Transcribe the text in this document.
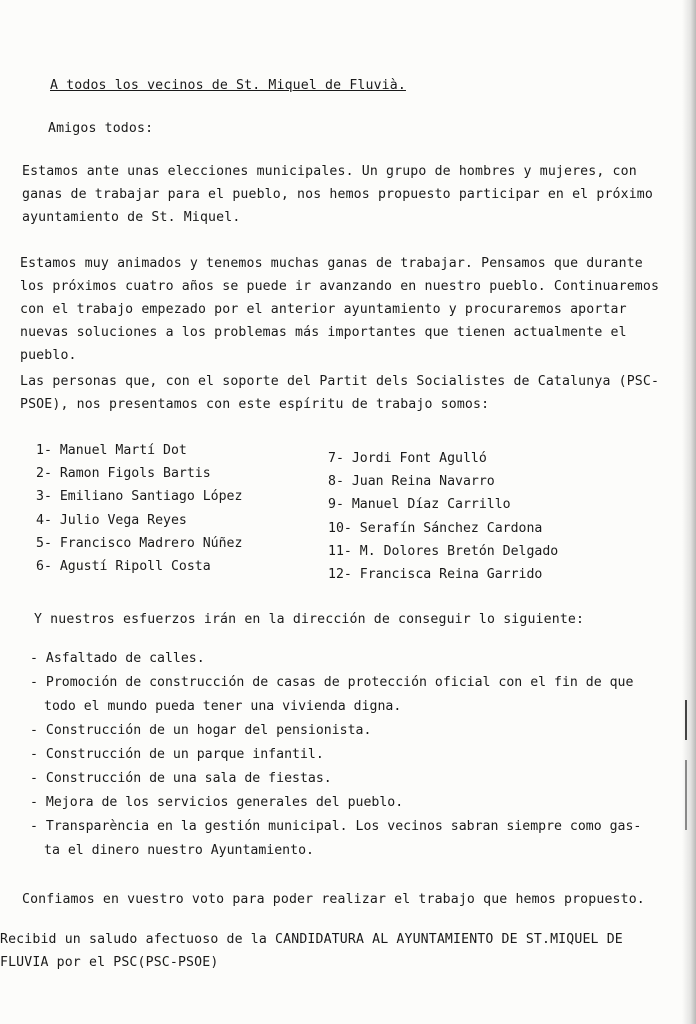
A todos los vecinos de St. Miquel de Fluvià.
Amigos todos:
Estamos ante unas elecciones municipales. Un grupo de hombres y mujeres, con ganas de trabajar para el pueblo, nos hemos propuesto participar en el próximo ayuntamiento de St. Miquel.
Estamos muy animados y tenemos muchas ganas de trabajar. Pensamos que durante los próximos cuatro años se puede ir avanzando en nuestro pueblo. Continuaremos con el trabajo empezado por el anterior ayuntamiento y procuraremos aportar nuevas soluciones a los problemas más importantes que tienen actualmente el pueblo.
Las personas que, con el soporte del Partit dels Socialistes de Catalunya (PSC-PSOE), nos presentamos con este espíritu de trabajo somos:
1- Manuel Martí Dot
2- Ramon Figols Bartis
3- Emiliano Santiago López
4- Julio Vega Reyes
5- Francisco Madrero Núñez
6- Agustí Ripoll Costa
7- Jordi Font Agulló
8- Juan Reina Navarro
9- Manuel Díaz Carrillo
10- Serafín Sánchez Cardona
11- M. Dolores Bretón Delgado
12- Francisca Reina Garrido
Y nuestros esfuerzos irán en la dirección de conseguir lo siguiente:
- Asfaltado de calles.
- Promoción de construcción de casas de protección oficial con el fin de que
todo el mundo pueda tener una vivienda digna.
- Construcción de un hogar del pensionista.
- Construcción de un parque infantil.
- Construcción de una sala de fiestas.
- Mejora de los servicios generales del pueblo.
- Transparència en la gestión municipal. Los vecinos sabran siempre como gas-
ta el dinero nuestro Ayuntamiento.
Confiamos en vuestro voto para poder realizar el trabajo que hemos propuesto.
Recibid un saludo afectuoso de la CANDIDATURA AL AYUNTAMIENTO DE ST.MIQUEL DE FLUVIA por el PSC(PSC-PSOE)
